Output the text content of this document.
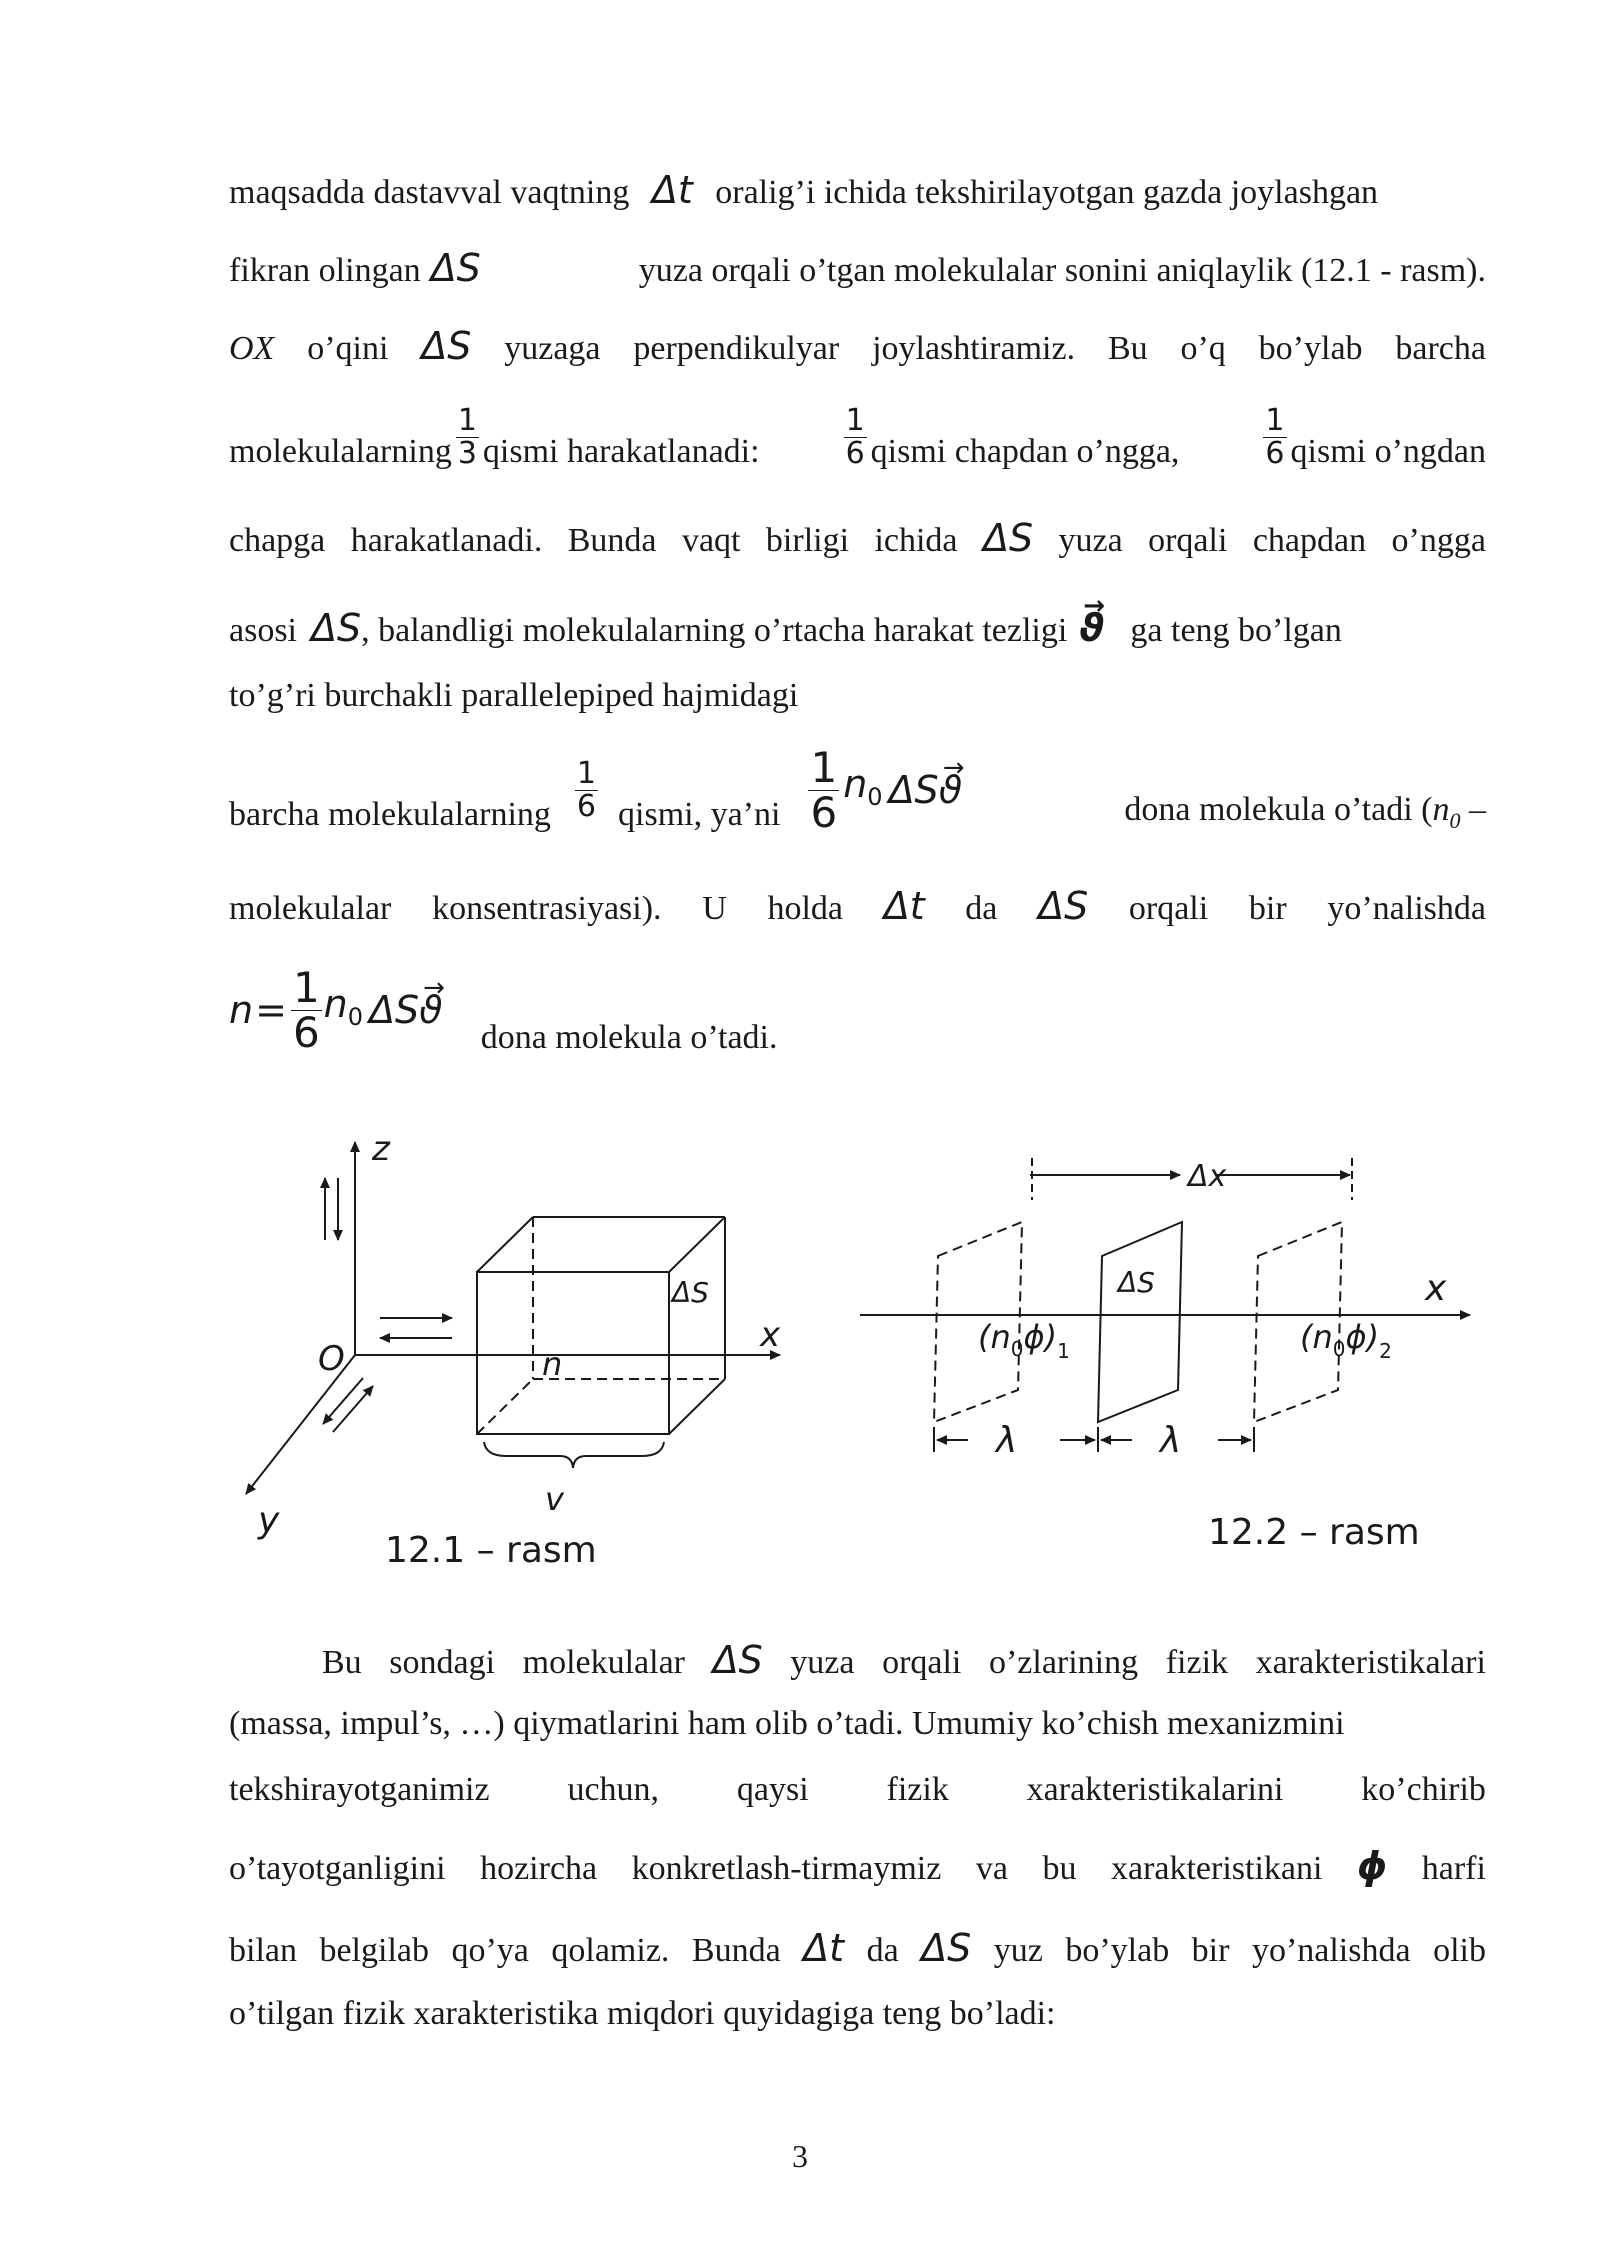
maqsadda dastavval vaqtning Δt oralig’i ichida tekshirilayotgan gazda joylashgan
fikran olingan ΔS	yuza orqali o’tgan molekulalar sonini aniqlaylik (12.1 - rasm).
OX o’qini ΔS yuzaga perpendikulyar joylashtiramiz. Bu o’q bo’ylab barcha
molekulalarning $\frac{1}{3}$ qismi harakatlanadi:	$\frac{1}{6}$ qismi chapdan o’ngga,	$\frac{1}{6}$ qismi o’ngdan
chapga harakatlanadi. Bunda vaqt birligi ichida ΔS yuza orqali chapdan o’ngga
asosi ΔS , balandligi molekulalarning o’rtacha harakat tezligi → ϑ ga teng bo’lgan
to’g’ri burchakli parallelepiped hajmidagi
barcha molekulalarning $\frac{1}{6}$ qismi, ya’ni $\frac{1}{6} n_0$ ΔS → ϑ	dona molekula o’tadi ($n_0$ –
molekulalar konsentrasiyasi). U holda Δt da ΔS orqali bir yo’nalishda
$n = \frac{1}{6} n_0$ ΔS → ϑ
dona molekula o’tadi.
z
x
y
O
ΔS
n
v
12.1 – rasm
Δx
ΔS	x
$(n_0\phi)_1$	$(n_0\phi)_2$
λ	λ
12.2 – rasm
Bu sondagi molekulalar ΔS yuza orqali o’zlarining fizik xarakteristikalari
(massa, impul’s, …) qiymatlarini ham olib o’tadi. Umumiy ko’chish mexanizmini
tekshirayotganimiz uchun, qaysi fizik xarakteristikalarini ko’chirib
o’tayotganligini hozircha konkretlash-tirmaymiz va bu xarakteristikani ϕ harfi
bilan belgilab qo’ya qolamiz. Bunda Δt da ΔS yuz bo’ylab bir yo’nalishda olib
o’tilgan fizik xarakteristika miqdori quyidagiga teng bo’ladi:
3
